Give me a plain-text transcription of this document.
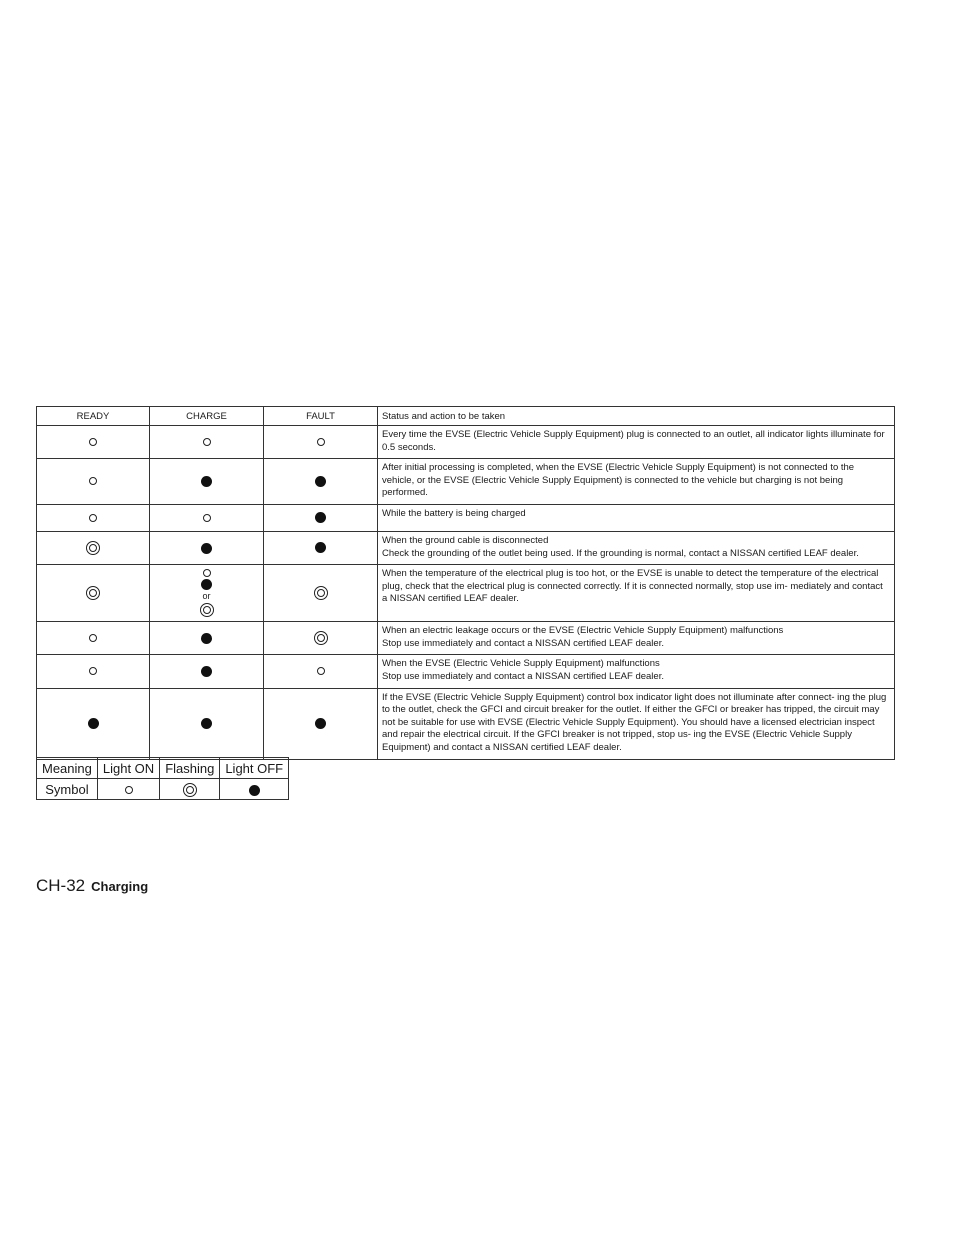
READY	CHARGE	FAULT	Status and action to be taken

			Every time the EVSE (Electric Vehicle Supply Equipment) plug is connected to an outlet, all indicator lights illuminate for 0.5 seconds.

			After initial processing is completed, when the EVSE (Electric Vehicle Supply Equipment) is not connected to the vehicle, or the EVSE (Electric Vehicle Supply Equipment) is connected to the vehicle but charging is not being performed.

			While the battery is being charged

			When the ground cable is disconnected
Check the grounding of the outlet being used. If the grounding is normal, contact a NISSAN certified LEAF dealer.

	or		When the temperature of the electrical plug is too hot, or the EVSE is unable to detect the temperature of the electrical plug, check that the electrical plug is connected correctly. If it is connected normally, stop use im- mediately and contact a NISSAN certified LEAF dealer.

			When an electric leakage occurs or the EVSE (Electric Vehicle Supply Equipment) malfunctions
Stop use immediately and contact a NISSAN certified LEAF dealer.

			When the EVSE (Electric Vehicle Supply Equipment) malfunctions
Stop use immediately and contact a NISSAN certified LEAF dealer.

			If the EVSE (Electric Vehicle Supply Equipment) control box indicator light does not illuminate after connect- ing the plug to the outlet, check the GFCI and circuit breaker for the outlet. If either the GFCI or breaker has tripped, the circuit may not be suitable for use with EVSE (Electric Vehicle Supply Equipment). You should have a licensed electrician inspect and repair the electrical circuit. If the GFCI breaker is not tripped, stop us- ing the EVSE (Electric Vehicle Supply Equipment) and contact a NISSAN certified LEAF dealer.
Meaning	Light ON	Flashing	Light OFF
Symbol			
CH-32 Charging
